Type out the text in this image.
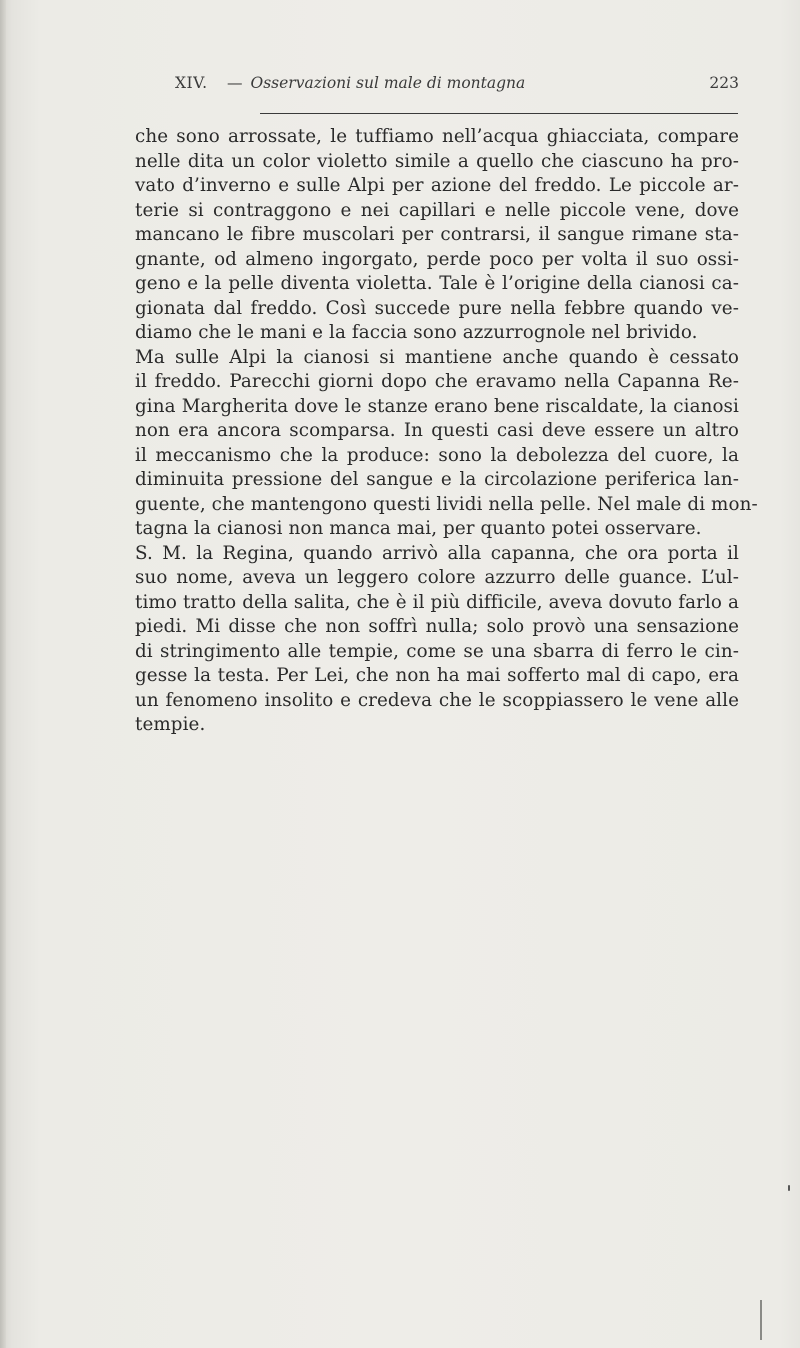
XIV. — Osservazioni sul male di montagna	223
che sono arrossate, le tuffiamo nell’acqua ghiacciata, compare
nelle dita un color violetto simile a quello che ciascuno ha pro-
vato d’inverno e sulle Alpi per azione del freddo. Le piccole ar-
terie si contraggono e nei capillari e nelle piccole vene, dove
mancano le fibre muscolari per contrarsi, il sangue rimane sta-
gnante, od almeno ingorgato, perde poco per volta il suo ossi-
geno e la pelle diventa violetta. Tale è l’origine della cianosi ca-
gionata dal freddo. Così succede pure nella febbre quando ve-
diamo che le mani e la faccia sono azzurrognole nel brivido.
Ma sulle Alpi la cianosi si mantiene anche quando è cessato
il freddo. Parecchi giorni dopo che eravamo nella Capanna Re-
gina Margherita dove le stanze erano bene riscaldate, la cianosi
non era ancora scomparsa. In questi casi deve essere un altro
il meccanismo che la produce: sono la debolezza del cuore, la
diminuita pressione del sangue e la circolazione periferica lan-
guente, che mantengono questi lividi nella pelle. Nel male di mon-
tagna la cianosi non manca mai, per quanto potei osservare.
S. M. la Regina, quando arrivò alla capanna, che ora porta il
suo nome, aveva un leggero colore azzurro delle guance. L’ul-
timo tratto della salita, che è il più difficile, aveva dovuto farlo a
piedi. Mi disse che non soffrì nulla; solo provò una sensazione
di stringimento alle tempie, come se una sbarra di ferro le cin-
gesse la testa. Per Lei, che non ha mai sofferto mal di capo, era
un fenomeno insolito e credeva che le scoppiassero le vene alle
tempie.
